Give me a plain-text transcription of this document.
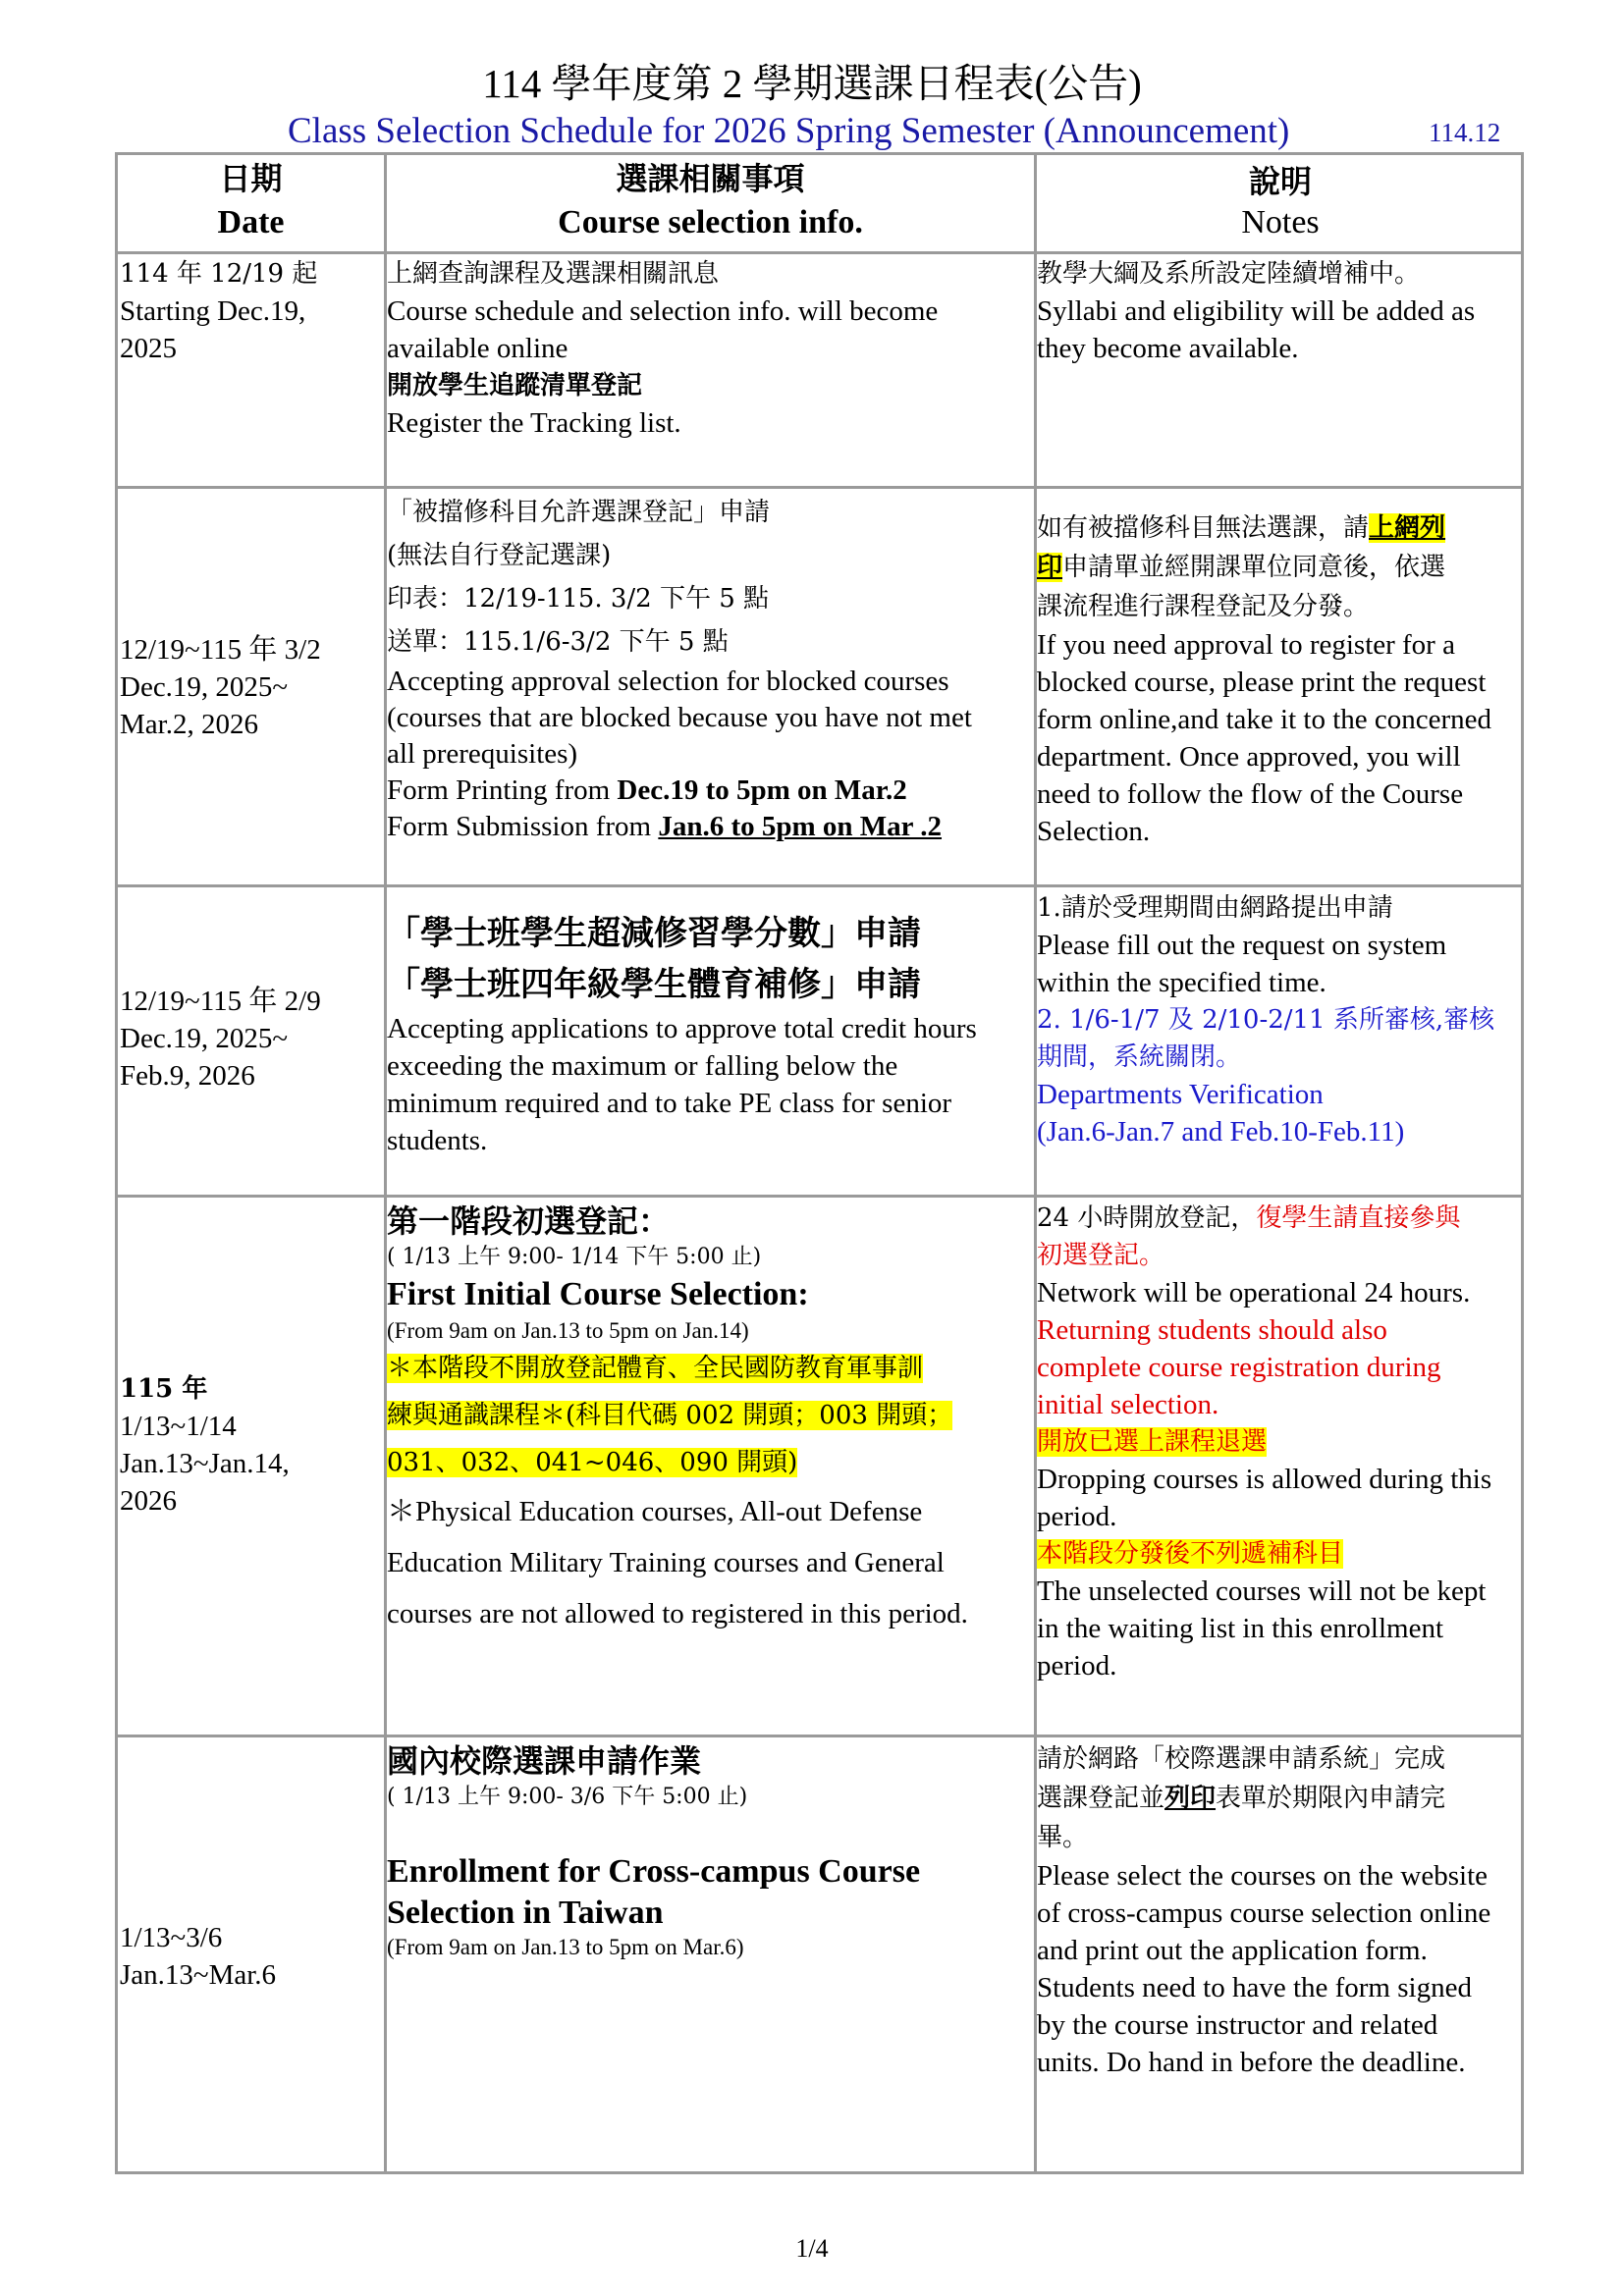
114 學年度第 2 學期選課日程表(公告)
Class Selection Schedule for 2026 Spring Semester (Announcement)	114.12
日期
Date
選課相關事項
Course selection info.
說明
Notes
114 年 12/19 起
Starting Dec.19,
2025
上網查詢課程及選課相關訊息
Course schedule and selection info. will become
available online
開放學生追蹤清單登記
Register the Tracking list.
教學大綱及系所設定陸續增補中。
Syllabi and eligibility will be added as
they become available.
12/19~115 年 3/2
Dec.19, 2025~
Mar.2, 2026
「被擋修科目允許選課登記」申請
(無法自行登記選課)
印表：12/19-115. 3/2 下午 5 點
送單：115.1/6-3/2 下午 5 點
Accepting approval selection for blocked courses
(courses that are blocked because you have not met
all prerequisites)
Form Printing from Dec.19 to 5pm on Mar.2
Form Submission from Jan.6 to 5pm on Mar .2
如有被擋修科目無法選課，請上網列
印申請單並經開課單位同意後，依選
課流程進行課程登記及分發。
If you need approval to register for a
blocked course, please print the request
form online,and take it to the concerned
department. Once approved, you will
need to follow the flow of the Course
Selection.
12/19~115 年 2/9
Dec.19, 2025~
Feb.9, 2026
「學士班學生超減修習學分數」申請
「學士班四年級學生體育補修」申請
Accepting applications to approve total credit hours
exceeding the maximum or falling below the
minimum required and to take PE class for senior
students.
1.請於受理期間由網路提出申請
Please fill out the request on system
within the specified time.
2. 1/6-1/7 及 2/10-2/11 系所審核,審核
期間，系統關閉。
Departments Verification
(Jan.6-Jan.7 and Feb.10-Feb.11)
115 年
1/13~1/14
Jan.13~Jan.14,
2026
第一階段初選登記：
( 1/13 上午 9:00- 1/14 下午 5:00 止)
First Initial Course Selection:
(From 9am on Jan.13 to 5pm on Jan.14)
＊本階段不開放登記體育、全民國防教育軍事訓
練與通識課程＊(科目代碼 002 開頭；003 開頭；
031、032、041~046、090 開頭)
＊Physical Education courses, All-out Defense
Education Military Training courses and General
courses are not allowed to registered in this period.
24 小時開放登記，復學生請直接參與
初選登記。
Network will be operational 24 hours.
Returning students should also
complete course registration during
initial selection.
開放已選上課程退選
Dropping courses is allowed during this
period.
本階段分發後不列遞補科目
The unselected courses will not be kept
in the waiting list in this enrollment
period.
1/13~3/6
Jan.13~Mar.6
國內校際選課申請作業
( 1/13 上午 9:00- 3/6 下午 5:00 止)
Enrollment for Cross-campus Course
Selection in Taiwan
(From 9am on Jan.13 to 5pm on Mar.6)
請於網路「校際選課申請系統」完成
選課登記並列印表單於期限內申請完
畢。
Please select the courses on the website
of cross-campus course selection online
and print out the application form.
Students need to have the form signed
by the course instructor and related
units. Do hand in before the deadline.
1/4
